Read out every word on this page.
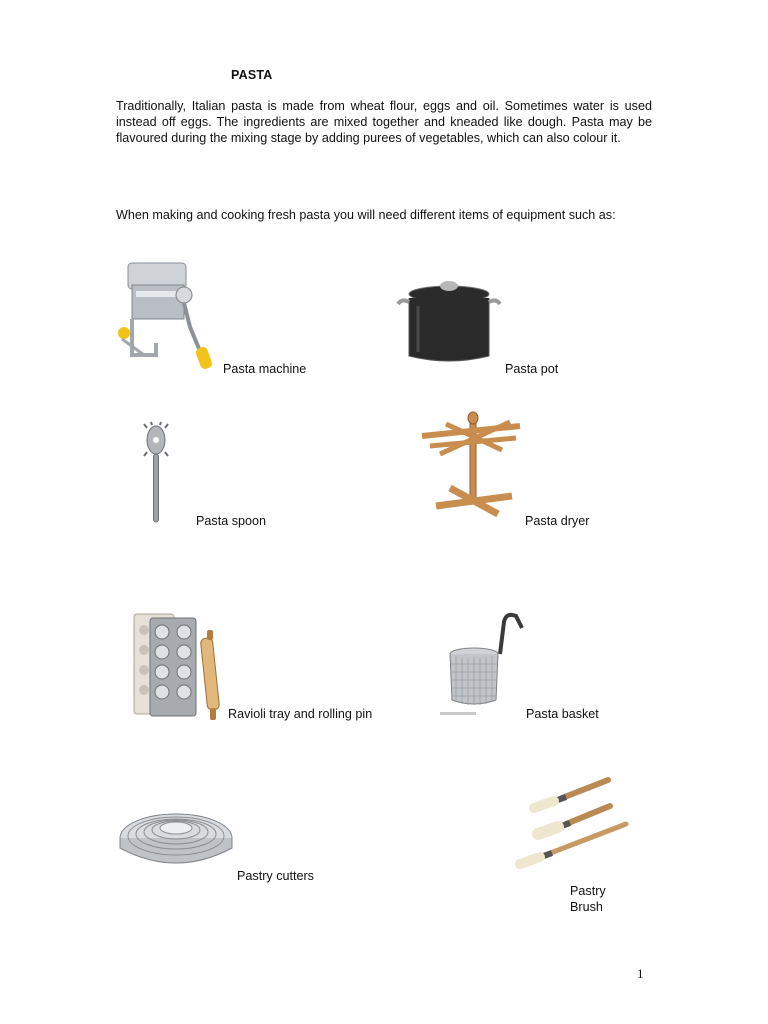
PASTA
Traditionally, Italian pasta is made from wheat flour, eggs and oil. Sometimes water is used instead off eggs. The ingredients are mixed together and kneaded like dough. Pasta may be flavoured during the mixing stage by adding purees of vegetables, which can also colour it.
When making and cooking fresh pasta you will need different items of equipment such as:
Pasta machine	Pasta pot
Pasta spoon	Pasta dryer
Ravioli tray and rolling pin	Pasta basket
Pastry cutters
Pastry
Brush
1
